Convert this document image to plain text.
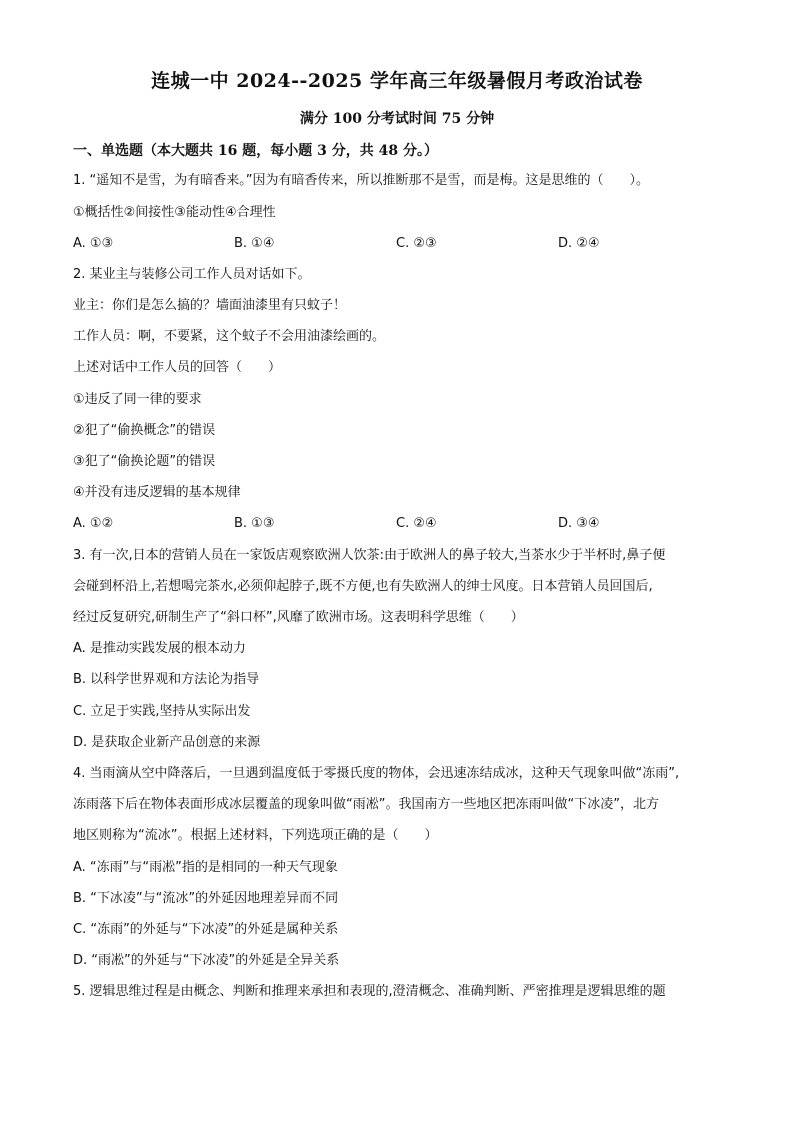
连城一中 2024--2025 学年高三年级暑假月考政治试卷
满分 100 分考试时间 75 分钟
一、单选题（本大题共 16 题，每小题 3 分，共 48 分。）
1. “遥知不是雪，为有暗香来。”因为有暗香传来，所以推断那不是雪，而是梅。这是思维的（　　）。
①概括性②间接性③能动性④合理性
A. ①③	B. ①④	C. ②③	D. ②④
2. 某业主与装修公司工作人员对话如下。
业主：你们是怎么搞的？墙面油漆里有只蚊子！
工作人员：啊，不要紧，这个蚊子不会用油漆绘画的。
上述对话中工作人员的回答（　　）
①违反了同一律的要求
②犯了“偷换概念”的错误
③犯了“偷换论题”的错误
④并没有违反逻辑的基本规律
A. ①②	B. ①③	C. ②④	D. ③④
3. 有一次,日本的营销人员在一家饭店观察欧洲人饮茶:由于欧洲人的鼻子较大,当茶水少于半杯时,鼻子便
会碰到杯沿上,若想喝完茶水,必须仰起脖子,既不方便,也有失欧洲人的绅士风度。日本营销人员回国后,
经过反复研究,研制生产了“斜口杯”,风靡了欧洲市场。这表明科学思维（　　）
A. 是推动实践发展的根本动力
B. 以科学世界观和方法论为指导
C. 立足于实践,坚持从实际出发
D. 是获取企业新产品创意的来源
4. 当雨滴从空中降落后，一旦遇到温度低于零摄氏度的物体，会迅速冻结成冰，这种天气现象叫做“冻雨”,
冻雨落下后在物体表面形成冰层覆盖的现象叫做“雨凇”。我国南方一些地区把冻雨叫做“下冰凌”，北方
地区则称为“流冰”。根据上述材料，下列选项正确的是（　　）
A. “冻雨”与“雨凇”指的是相同的一种天气现象
B. “下冰凌”与“流冰”的外延因地理差异而不同
C. “冻雨”的外延与“下冰凌”的外延是属种关系
D. “雨凇”的外延与“下冰凌”的外延是全异关系
5. 逻辑思维过程是由概念、判断和推理来承担和表现的,澄清概念、准确判断、严密推理是逻辑思维的题
